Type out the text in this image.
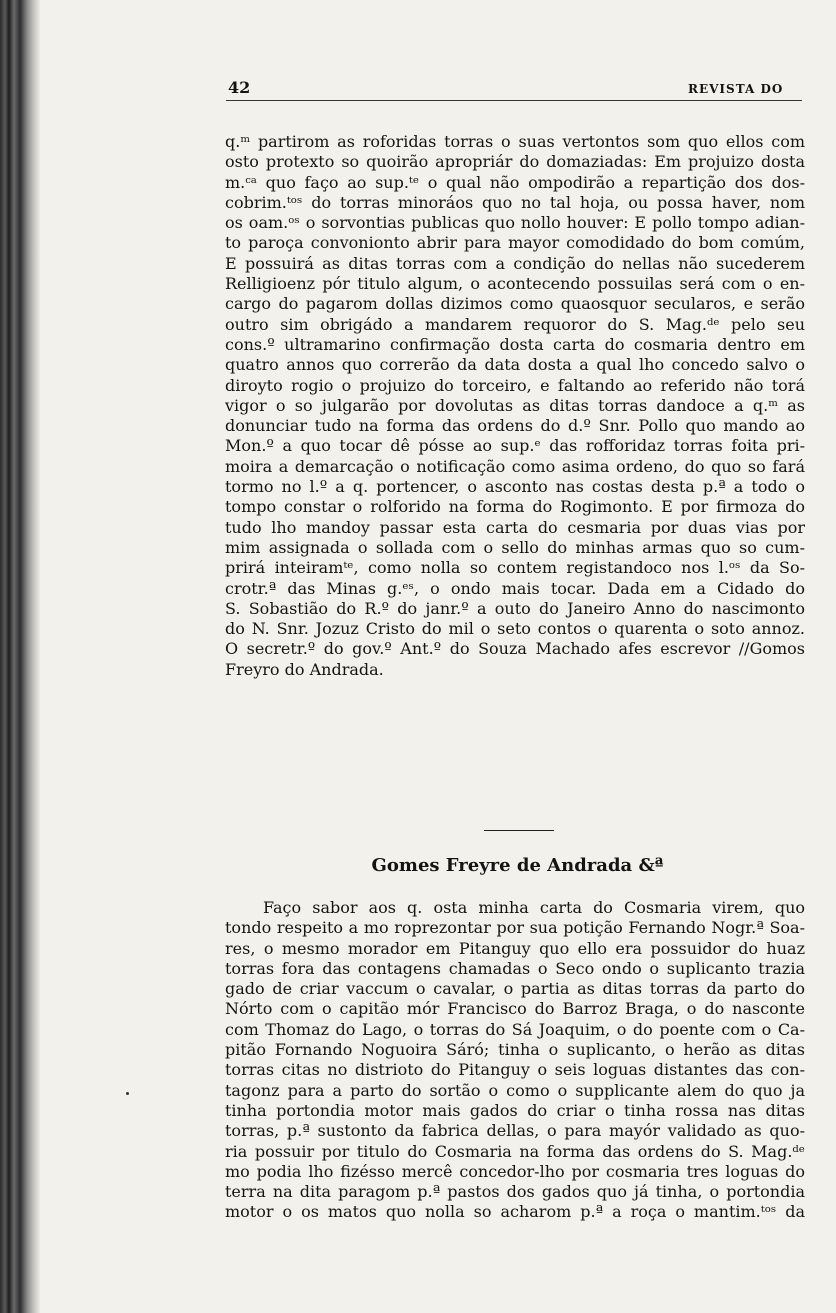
42	REVISTA DO
q.ᵐ partirom as roforidas torras o suas vertontos som quo ellos com
osto protexto so quoirão apropriár do domaziadas: Em projuizo dosta
m.ᶜᵃ quo faço ao sup.ᵗᵉ o qual não ompodirão a repartição dos dos-
cobrim.ᵗᵒˢ do torras minoráos quo no tal hoja, ou possa haver, nom
os oam.ᵒˢ o sorvontias publicas quo nollo houver: E pollo tompo adian-
to paroça convonionto abrir para mayor comodidado do bom comúm,
E possuirá as ditas torras com a condição do nellas não sucederem
Relligioenz pór titulo algum, o acontecendo possuilas será com o en-
cargo do pagarom dollas dizimos como quaosquor secularos, e serão
outro sim obrigádo a mandarem requoror do S. Mag.ᵈᵉ pelo seu
cons.º ultramarino confirmação dosta carta do cosmaria dentro em
quatro annos quo correrão da data dosta a qual lho concedo salvo o
diroyto rogio o projuizo do torceiro, e faltando ao referido não torá
vigor o so julgarão por dovolutas as ditas torras dandoce a q.ᵐ as
donunciar tudo na forma das ordens do d.º Snr. Pollo quo mando ao
Mon.º a quo tocar dê pósse ao sup.ᵉ das rofforidaz torras foita pri-
moira a demarcação o notificação como asima ordeno, do quo so fará
tormo no l.º a q. portencer, o asconto nas costas desta p.ª a todo o
tompo constar o rolforido na forma do Rogimonto. E por firmoza do
tudo lho mandoy passar esta carta do cesmaria por duas vias por
mim assignada o sollada com o sello do minhas armas quo so cum-
prirá inteiramᵗᵉ, como nolla so contem registandoco nos l.ᵒˢ da So-
crotr.ª das Minas g.ᵉˢ, o ondo mais tocar. Dada em a Cidado do
S. Sobastião do R.º do janr.º a outo do Janeiro Anno do nascimonto
do N. Snr. Jozuz Cristo do mil o seto contos o quarenta o soto annoz.
O secretr.º do gov.º Ant.º do Souza Machado afes escrevor //Gomos
Freyro do Andrada.
Gomes Freyre de Andrada &ª
Faço sabor aos q. osta minha carta do Cosmaria virem, quo
tondo respeito a mo roprezontar por sua potição Fernando Nogr.ª Soa-
res, o mesmo morador em Pitanguy quo ello era possuidor do huaz
torras fora das contagens chamadas o Seco ondo o suplicanto trazia
gado de criar vaccum o cavalar, o partia as ditas torras da parto do
Nórto com o capitão mór Francisco do Barroz Braga, o do nasconte
com Thomaz do Lago, o torras do Sá Joaquim, o do poente com o Ca-
pitão Fornando Noguoira Sáró; tinha o suplicanto, o herão as ditas
torras citas no distrioto do Pitanguy o seis loguas distantes das con-
tagonz para a parto do sortão o como o supplicante alem do quo ja
tinha portondia motor mais gados do criar o tinha rossa nas ditas
torras, p.ª sustonto da fabrica dellas, o para mayór validado as quo-
ria possuir por titulo do Cosmaria na forma das ordens do S. Mag.ᵈᵉ
mo podia lho fizésso mercê concedor-lho por cosmaria tres loguas do
terra na dita paragom p.ª pastos dos gados quo já tinha, o portondia
motor o os matos quo nolla so acharom p.ª a roça o mantim.ᵗᵒˢ da
